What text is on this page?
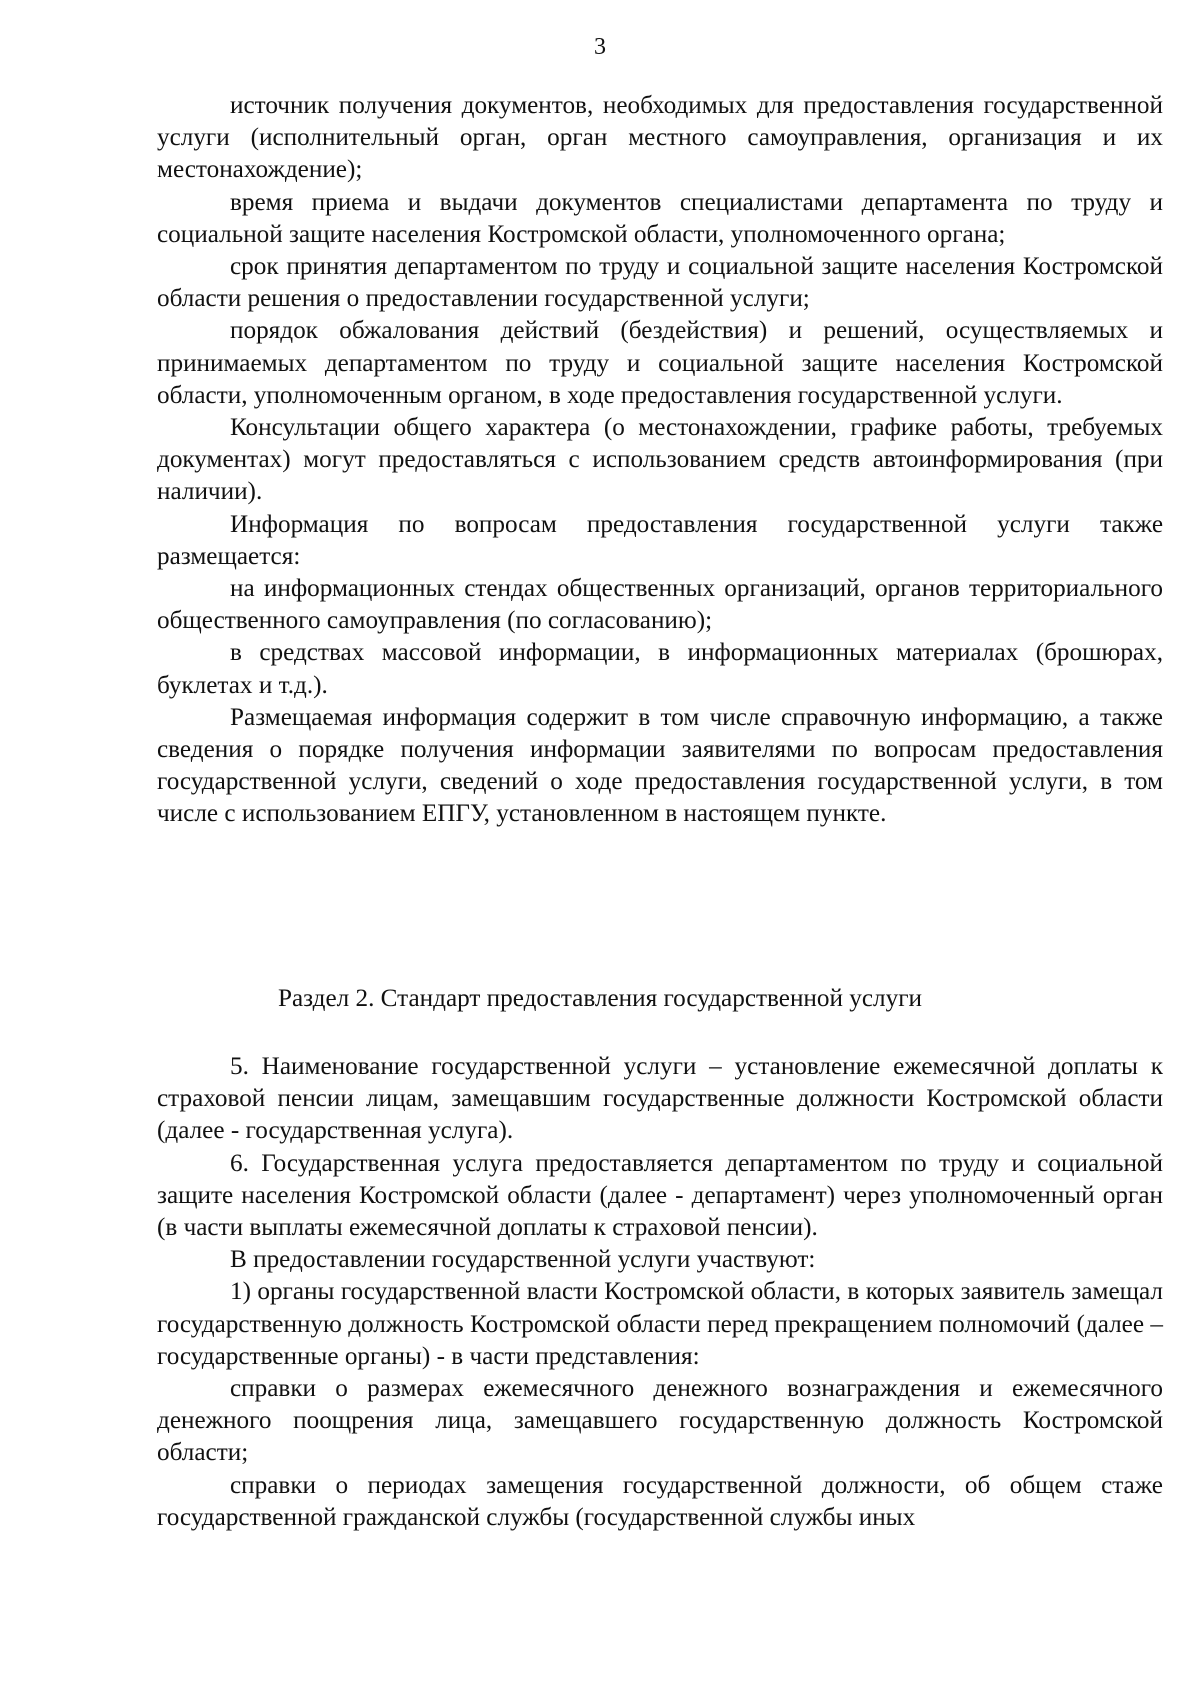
3

источник получения документов, необходимых для предоставления государственной услуги (исполнительный орган, орган местного самоуправления, организация и их местонахождение);

время приема и выдачи документов специалистами департамента по труду и социальной защите населения Костромской области, уполномоченного органа;

срок принятия департаментом по труду и социальной защите населения Костромской области решения о предоставлении государственной услуги;

порядок обжалования действий (бездействия) и решений, осуществляемых и принимаемых департаментом по труду и социальной защите населения Костромской области, уполномоченным органом, в ходе предоставления государственной услуги.

Консультации общего характера (о местонахождении, графике работы, требуемых документах) могут предоставляться с использованием средств автоинформирования (при наличии).

Информация по вопросам предоставления государственной услуги также размещается:

на информационных стендах общественных организаций, органов территориального общественного самоуправления (по согласованию);

в средствах массовой информации, в информационных материалах (брошюрах, буклетах и т.д.).

Размещаемая информация содержит в том числе справочную информацию, а также сведения о порядке получения информации заявителями по вопросам предоставления государственной услуги, сведений о ходе предоставления государственной услуги, в том числе с использованием ЕПГУ, установленном в настоящем пункте.

Раздел 2. Стандарт предоставления государственной услуги

5. Наименование государственной услуги – установление ежемесячной доплаты к страховой пенсии лицам, замещавшим государственные должности Костромской области (далее - государственная услуга).

6. Государственная услуга предоставляется департаментом по труду и социальной защите населения Костромской области (далее - департамент) через уполномоченный орган (в части выплаты ежемесячной доплаты к страховой пенсии).

В предоставлении государственной услуги участвуют:

1) органы государственной власти Костромской области, в которых заявитель замещал государственную должность Костромской области перед прекращением полномочий (далее – государственные органы) - в части представления:

справки о размерах ежемесячного денежного вознаграждения и ежемесячного денежного поощрения лица, замещавшего государственную должность Костромской области;

справки о периодах замещения государственной должности, об общем стаже государственной гражданской службы (государственной службы иных
